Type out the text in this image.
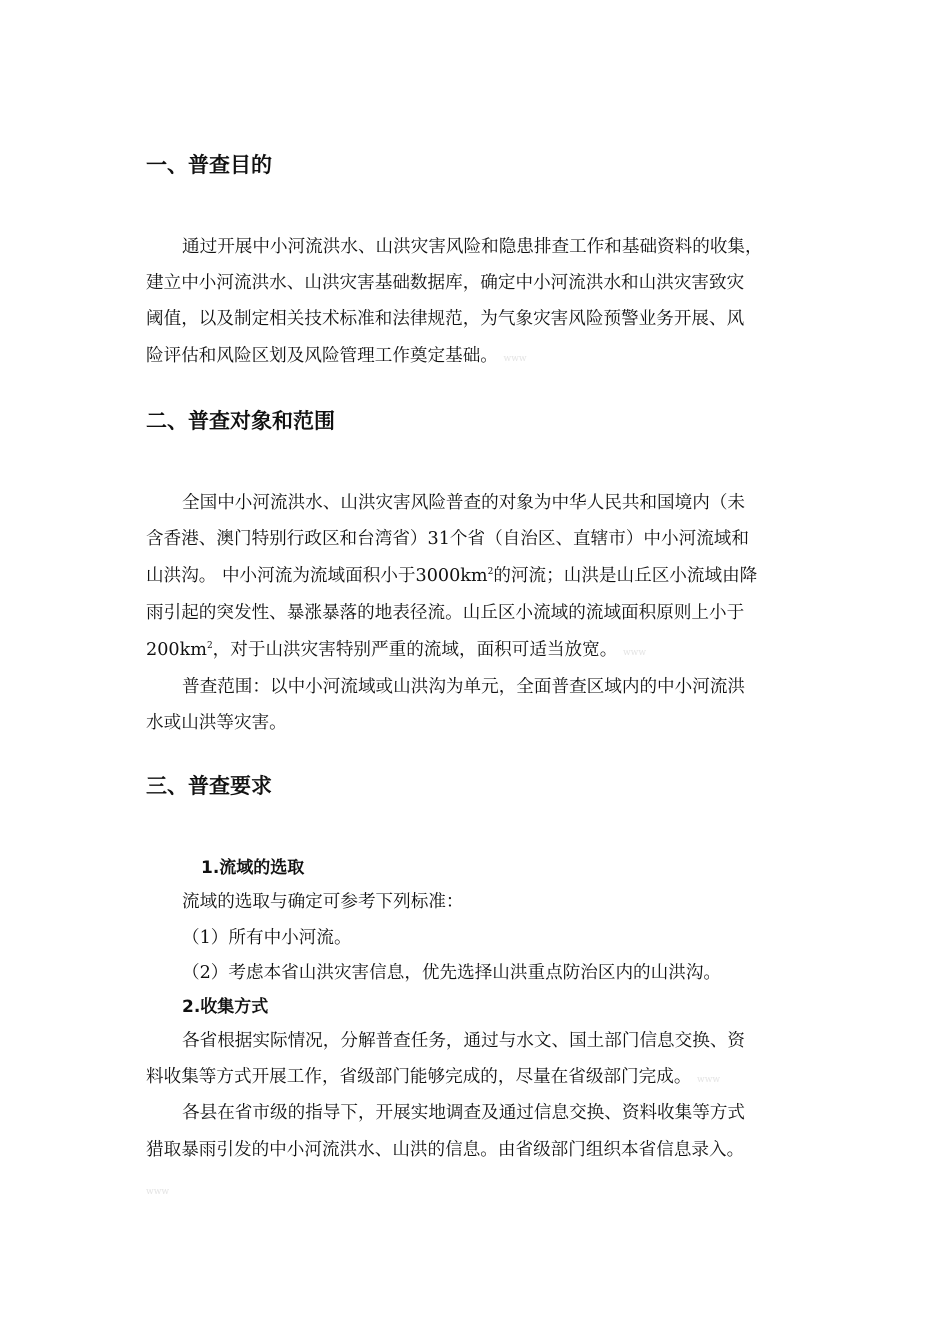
一、普查目的
通过开展中小河流洪水、山洪灾害风险和隐患排查工作和基础资料的收集，
建立中小河流洪水、山洪灾害基础数据库，确定中小河流洪水和山洪灾害致灾
阈值，以及制定相关技术标准和法律规范，为气象灾害风险预警业务开展、风
险评估和风险区划及风险管理工作奠定基础。 www
二、普查对象和范围
全国中小河流洪水、山洪灾害风险普查的对象为中华人民共和国境内（未
含香港、澳门特别行政区和台湾省）31个省（自治区、直辖市）中小河流域和
山洪沟。 中小河流为流域面积小于$3000km^2$的河流；山洪是山丘区小流域由降
雨引起的突发性、暴涨暴落的地表径流。山丘区小流域的流域面积原则上小于
$200km^2$，对于山洪灾害特别严重的流域，面积可适当放宽。 www
普查范围：以中小河流域或山洪沟为单元，全面普查区域内的中小河流洪
水或山洪等灾害。
三、普查要求
1.流域的选取
流域的选取与确定可参考下列标准：
（1）所有中小河流。
（2）考虑本省山洪灾害信息，优先选择山洪重点防治区内的山洪沟。
2.收集方式
各省根据实际情况，分解普查任务，通过与水文、国土部门信息交换、资
料收集等方式开展工作，省级部门能够完成的，尽量在省级部门完成。 www
各县在省市级的指导下，开展实地调查及通过信息交换、资料收集等方式
猎取暴雨引发的中小河流洪水、山洪的信息。由省级部门组织本省信息录入。
www
